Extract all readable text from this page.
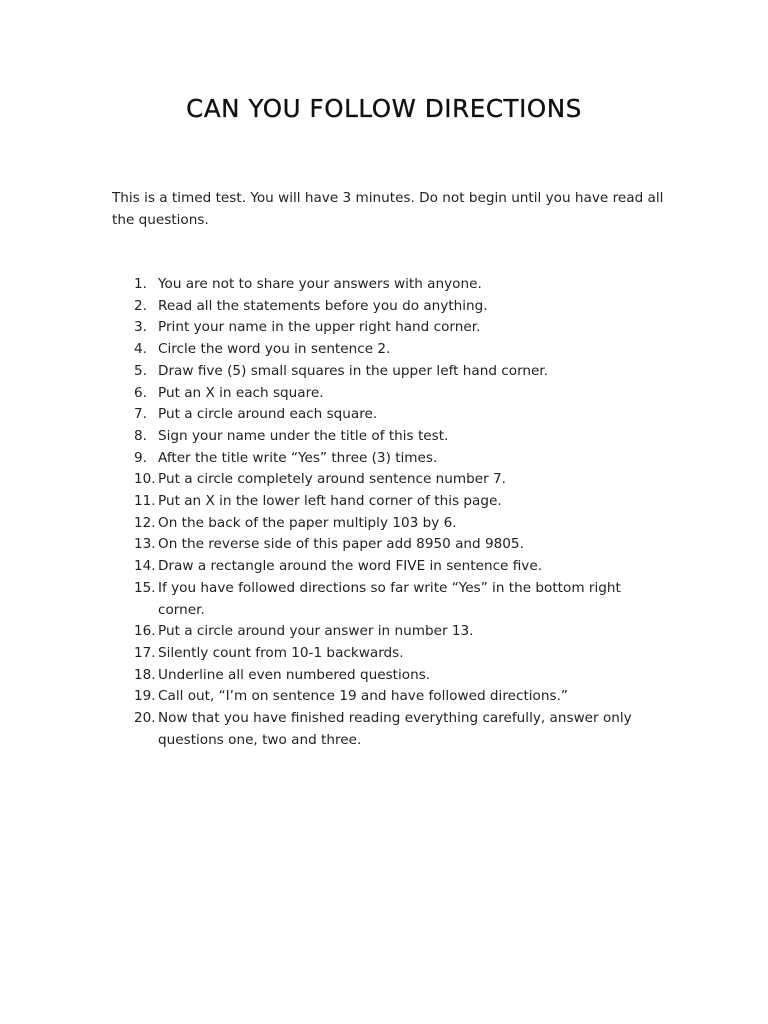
CAN YOU FOLLOW DIRECTIONS

This is a timed test. You will have 3 minutes. Do not begin until you have read all the questions.

1. You are not to share your answers with anyone.
2. Read all the statements before you do anything.
3. Print your name in the upper right hand corner.
4. Circle the word you in sentence 2.
5. Draw five (5) small squares in the upper left hand corner.
6. Put an X in each square.
7. Put a circle around each square.
8. Sign your name under the title of this test.
9. After the title write “Yes” three (3) times.
10. Put a circle completely around sentence number 7.
11. Put an X in the lower left hand corner of this page.
12. On the back of the paper multiply 103 by 6.
13. On the reverse side of this paper add 8950 and 9805.
14. Draw a rectangle around the word FIVE in sentence five.
15. If you have followed directions so far write “Yes” in the bottom right corner.
16. Put a circle around your answer in number 13.
17. Silently count from 10-1 backwards.
18. Underline all even numbered questions.
19. Call out, “I’m on sentence 19 and have followed directions.”
20. Now that you have finished reading everything carefully, answer only questions one, two and three.
